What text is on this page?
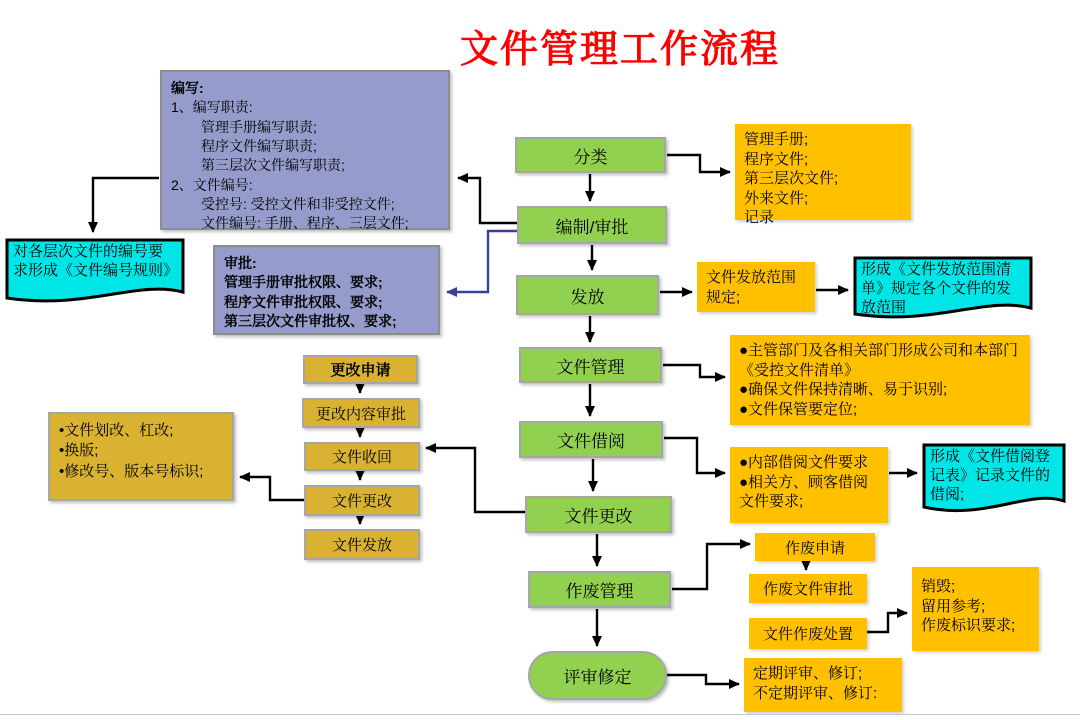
文件管理工作流程
编写:
1、编写职责:
管理手册编写职责;
程序文件编写职责;
第三层次文件编写职责;
2、文件编号:
受控号: 受控文件和非受控文件;
文件编号: 手册、程序、三层文件;
审批:
管理手册审批权限、要求;
程序文件审批权限、要求;
第三层次文件审批权、要求;
对各层次文件的编号要求形成《文件编号规则》
分类
编制/审批
发放
文件管理
文件借阅
文件更改
作废管理
评审修定
管理手册;
程序文件;
第三层次文件;
外来文件;
记录
文件发放范围规定;
形成《文件发放范围清单》规定各个文件的发放范围
●主管部门及各相关部门形成公司和本部门《受控文件清单》
●确保文件保持清晰、易于识别;
●文件保管要定位;
●内部借阅文件要求
●相关方、顾客借阅文件要求;
形成《文件借阅登记表》记录文件的借阅;
更改申请
更改内容审批
文件收回
文件更改
文件发放
•文件划改、杠改;
•换版;
•修改号、版本号标识;
作废申请
作废文件审批
文件作废处置
销毁;
留用参考;
作废标识要求;
定期评审、修订;
不定期评审、修订:
